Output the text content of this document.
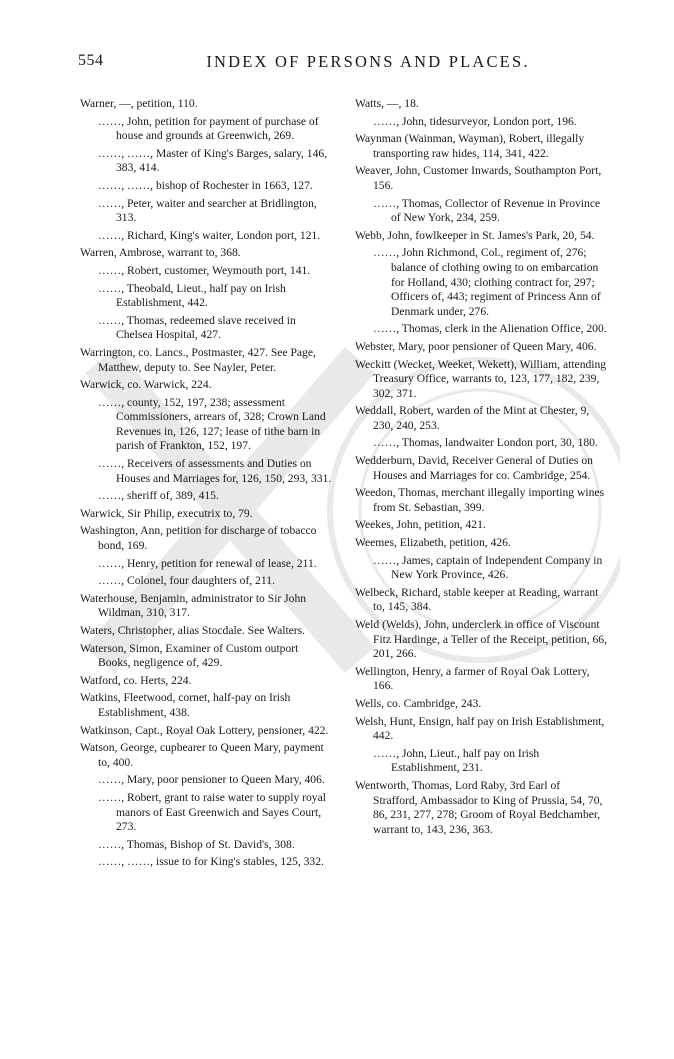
554	INDEX OF PERSONS AND PLACES.

Warner, —, petition, 110.

……, John, petition for payment of purchase of house and grounds at Greenwich, 269.

……, ……, Master of King's Barges, salary, 146, 383, 414.

……, ……, bishop of Rochester in 1663, 127.

……, Peter, waiter and searcher at Bridlington, 313.

……, Richard, King's waiter, London port, 121.

Warren, Ambrose, warrant to, 368.

……, Robert, customer, Weymouth port, 141.

……, Theobald, Lieut., half pay on Irish Establishment, 442.

……, Thomas, redeemed slave received in Chelsea Hospital, 427.

Warrington, co. Lancs., Postmaster, 427. See Page, Matthew, deputy to. See Nayler, Peter.

Warwick, co. Warwick, 224.

……, county, 152, 197, 238; assessment Commissioners, arrears of, 328; Crown Land Revenues in, 126, 127; lease of tithe barn in parish of Frankton, 152, 197.

……, Receivers of assessments and Duties on Houses and Marriages for, 126, 150, 293, 331.

……, sheriff of, 389, 415.

Warwick, Sir Philip, executrix to, 79.

Washington, Ann, petition for discharge of tobacco bond, 169.

……, Henry, petition for renewal of lease, 211.

……, Colonel, four daughters of, 211.

Waterhouse, Benjamin, administrator to Sir John Wildman, 310, 317.

Waters, Christopher, alias Stocdale. See Walters.

Waterson, Simon, Examiner of Custom outport Books, negligence of, 429.

Watford, co. Herts, 224.

Watkins, Fleetwood, cornet, half-pay on Irish Establishment, 438.

Watkinson, Capt., Royal Oak Lottery, pensioner, 422.

Watson, George, cupbearer to Queen Mary, payment to, 400.

……, Mary, poor pensioner to Queen Mary, 406.

……, Robert, grant to raise water to supply royal manors of East Greenwich and Sayes Court, 273.

……, Thomas, Bishop of St. David's, 308.

……, ……, issue to for King's stables, 125, 332.

Watts, —, 18.

……, John, tidesurveyor, London port, 196.

Waynman (Wainman, Wayman), Robert, illegally transporting raw hides, 114, 341, 422.

Weaver, John, Customer Inwards, Southampton Port, 156.

……, Thomas, Collector of Revenue in Province of New York, 234, 259.

Webb, John, fowlkeeper in St. James's Park, 20, 54.

……, John Richmond, Col., regiment of, 276; balance of clothing owing to on embarcation for Holland, 430; clothing contract for, 297; Officers of, 443; regiment of Princess Ann of Denmark under, 276.

……, Thomas, clerk in the Alienation Office, 200.

Webster, Mary, poor pensioner of Queen Mary, 406.

Weckitt (Wecket, Weeket, Wekett), William, attending Treasury Office, warrants to, 123, 177, 182, 239, 302, 371.

Weddall, Robert, warden of the Mint at Chester, 9, 230, 240, 253.

……, Thomas, landwaiter London port, 30, 180.

Wedderburn, David, Receiver General of Duties on Houses and Marriages for co. Cambridge, 254.

Weedon, Thomas, merchant illegally importing wines from St. Sebastian, 399.

Weekes, John, petition, 421.

Weemes, Elizabeth, petition, 426.

……, James, captain of Independent Company in New York Province, 426.

Welbeck, Richard, stable keeper at Reading, warrant to, 145, 384.

Weld (Welds), John, underclerk in office of Viscount Fitz Hardinge, a Teller of the Receipt, petition, 66, 201, 266.

Wellington, Henry, a farmer of Royal Oak Lottery, 166.

Wells, co. Cambridge, 243.

Welsh, Hunt, Ensign, half pay on Irish Establishment, 442.

……, John, Lieut., half pay on Irish Establishment, 231.

Wentworth, Thomas, Lord Raby, 3rd Earl of Strafford, Ambassador to King of Prussia, 54, 70, 86, 231, 277, 278; Groom of Royal Bedchamber, warrant to, 143, 236, 363.
